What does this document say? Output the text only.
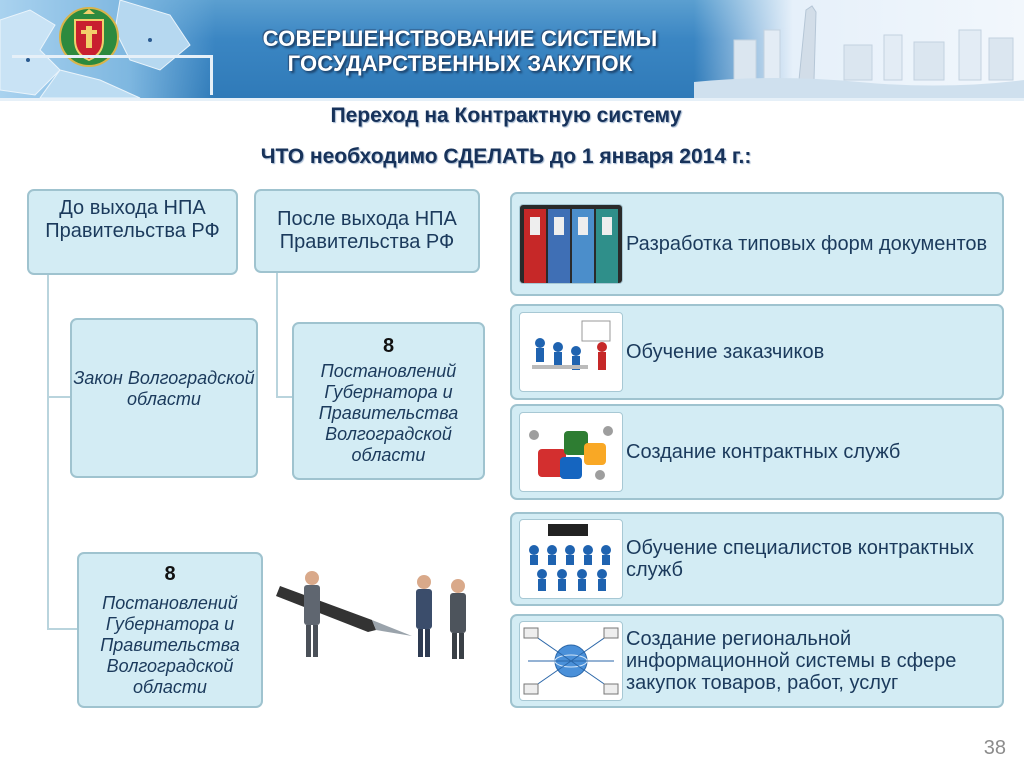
СОВЕРШЕНСТВОВАНИЕ СИСТЕМЫ
ГОСУДАРСТВЕННЫХ ЗАКУПОК
Переход на Контрактную систему
ЧТО необходимо СДЕЛАТЬ до 1 января 2014 г.:
До выхода НПА Правительства РФ
Закон Волгоградской области
8
Постановлений Губернатора и Правительства Волгоградской области
После выхода НПА Правительства РФ
8
Постановлений Губернатора и Правительства Волгоградской области
Разработка типовых форм документов
Обучение заказчиков
Создание контрактных служб
Обучение специалистов контрактных служб
Создание региональной информационной системы в сфере закупок товаров, работ, услуг
38
